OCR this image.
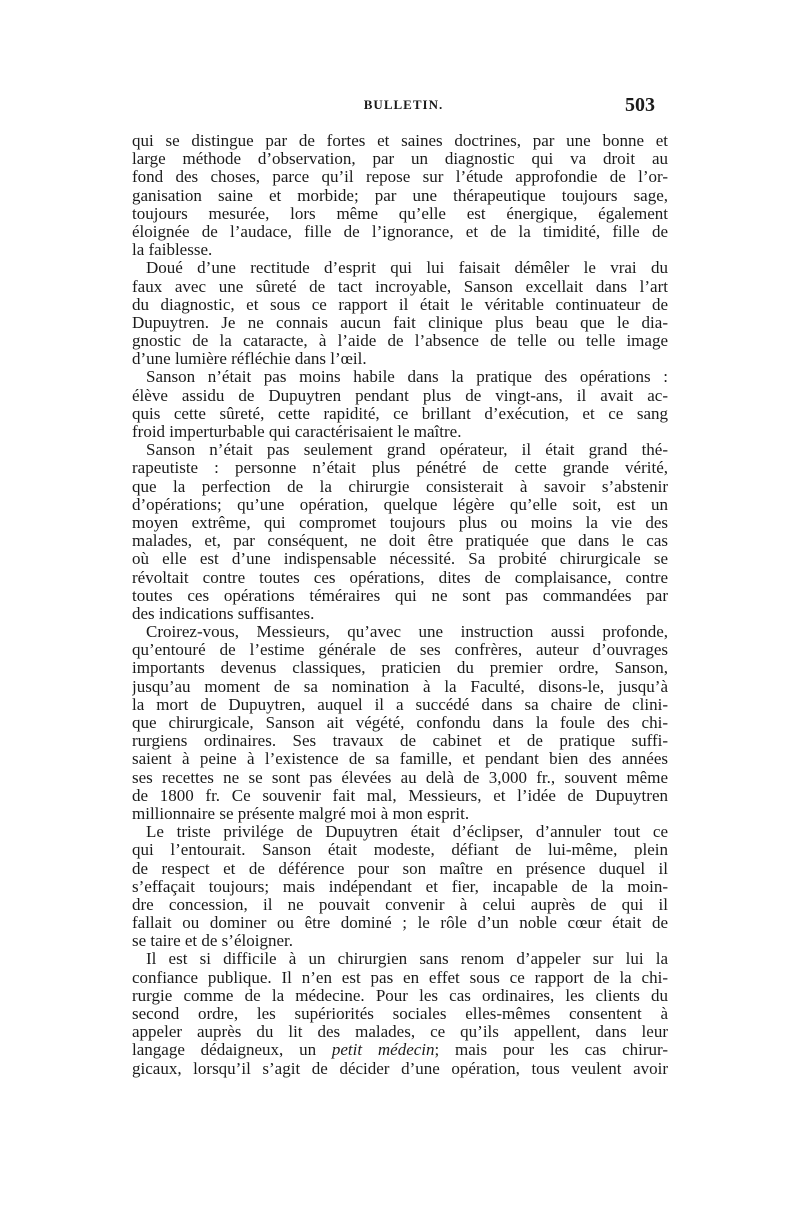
BULLETIN.	503
qui se distingue par de fortes et saines doctrines, par une bonne et
large méthode d’observation, par un diagnostic qui va droit au
fond des choses, parce qu’il repose sur l’étude approfondie de l’or-
ganisation saine et morbide; par une thérapeutique toujours sage,
toujours mesurée, lors même qu’elle est énergique, également
éloignée de l’audace, fille de l’ignorance, et de la timidité, fille de
la faiblesse.
Doué d’une rectitude d’esprit qui lui faisait démêler le vrai du
faux avec une sûreté de tact incroyable, Sanson excellait dans l’art
du diagnostic, et sous ce rapport il était le véritable continuateur de
Dupuytren. Je ne connais aucun fait clinique plus beau que le dia-
gnostic de la cataracte, à l’aide de l’absence de telle ou telle image
d’une lumière réfléchie dans l’œil.
Sanson n’était pas moins habile dans la pratique des opérations :
élève assidu de Dupuytren pendant plus de vingt-ans, il avait ac-
quis cette sûreté, cette rapidité, ce brillant d’exécution, et ce sang
froid imperturbable qui caractérisaient le maître.
Sanson n’était pas seulement grand opérateur, il était grand thé-
rapeutiste : personne n’était plus pénétré de cette grande vérité,
que la perfection de la chirurgie consisterait à savoir s’abstenir
d’opérations; qu’une opération, quelque légère qu’elle soit, est un
moyen extrême, qui compromet toujours plus ou moins la vie des
malades, et, par conséquent, ne doit être pratiquée que dans le cas
où elle est d’une indispensable nécessité. Sa probité chirurgicale se
révoltait contre toutes ces opérations, dites de complaisance, contre
toutes ces opérations téméraires qui ne sont pas commandées par
des indications suffisantes.
Croirez-vous, Messieurs, qu’avec une instruction aussi profonde,
qu’entouré de l’estime générale de ses confrères, auteur d’ouvrages
importants devenus classiques, praticien du premier ordre, Sanson,
jusqu’au moment de sa nomination à la Faculté, disons-le, jusqu’à
la mort de Dupuytren, auquel il a succédé dans sa chaire de clini-
que chirurgicale, Sanson ait végété, confondu dans la foule des chi-
rurgiens ordinaires. Ses travaux de cabinet et de pratique suffi-
saient à peine à l’existence de sa famille, et pendant bien des années
ses recettes ne se sont pas élevées au delà de 3,000 fr., souvent même
de 1800 fr. Ce souvenir fait mal, Messieurs, et l’idée de Dupuytren
millionnaire se présente malgré moi à mon esprit.
Le triste privilége de Dupuytren était d’éclipser, d’annuler tout ce
qui l’entourait. Sanson était modeste, défiant de lui-même, plein
de respect et de déférence pour son maître en présence duquel il
s’effaçait toujours; mais indépendant et fier, incapable de la moin-
dre concession, il ne pouvait convenir à celui auprès de qui il
fallait ou dominer ou être dominé ; le rôle d’un noble cœur était de
se taire et de s’éloigner.
Il est si difficile à un chirurgien sans renom d’appeler sur lui la
confiance publique. Il n’en est pas en effet sous ce rapport de la chi-
rurgie comme de la médecine. Pour les cas ordinaires, les clients du
second ordre, les supériorités sociales elles-mêmes consentent à
appeler auprès du lit des malades, ce qu’ils appellent, dans leur
langage dédaigneux, un petit médecin; mais pour les cas chirur-
gicaux, lorsqu’il s’agit de décider d’une opération, tous veulent avoir
